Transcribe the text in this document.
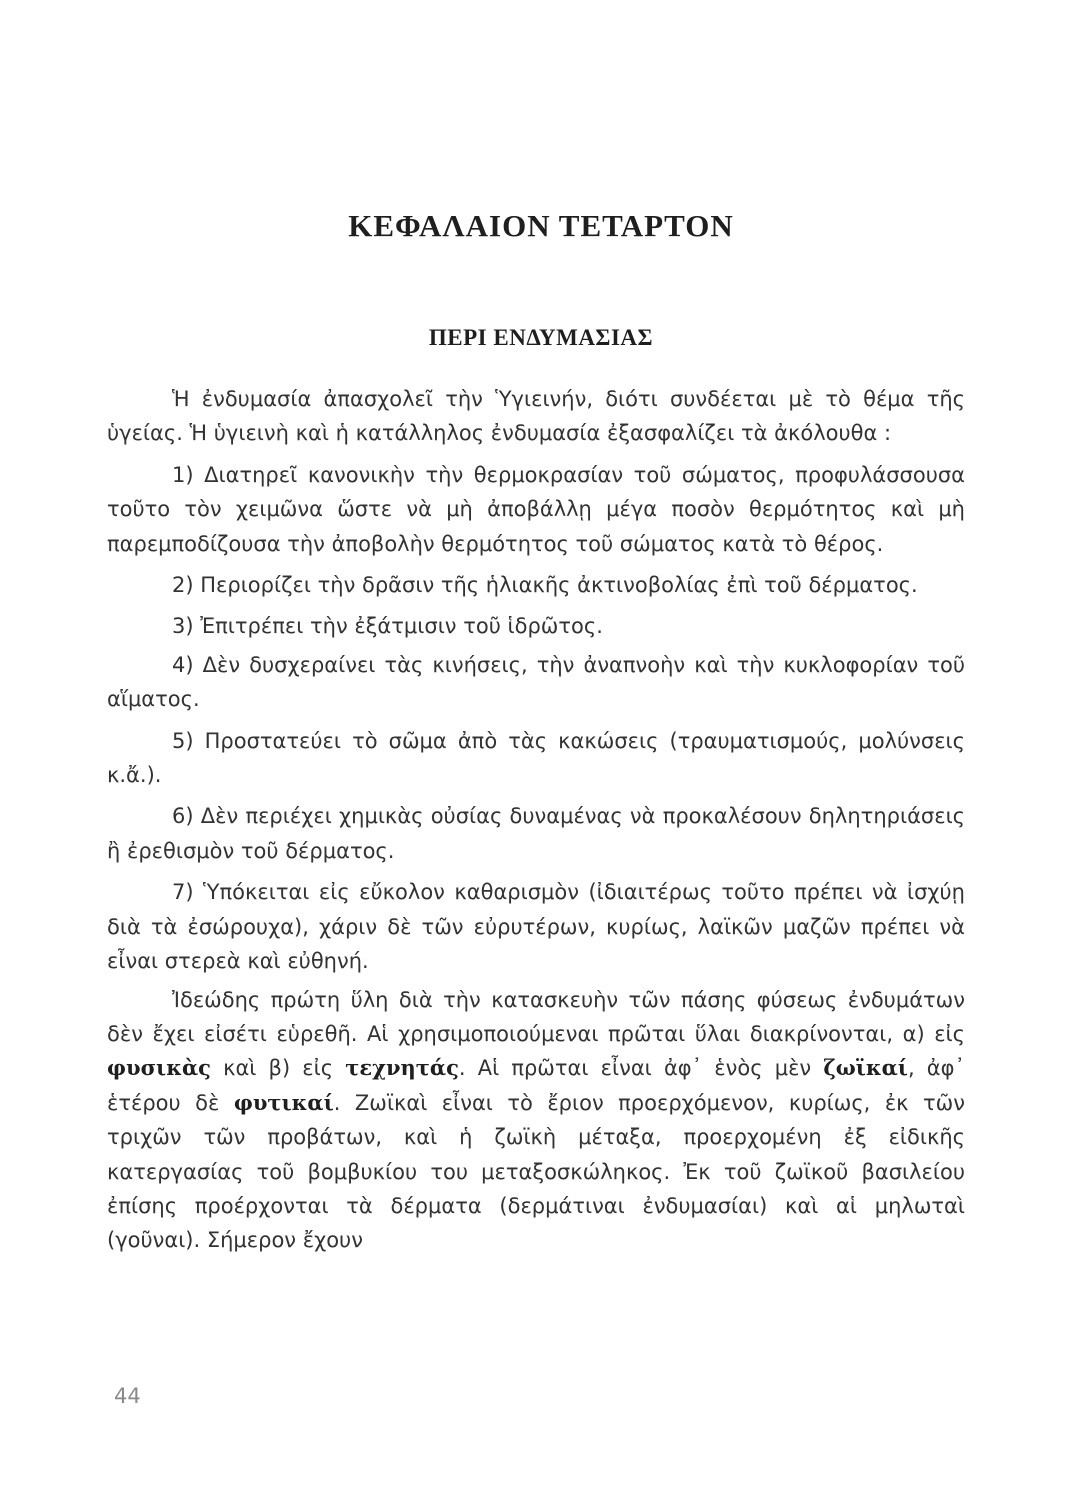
ΚΕΦΑΛΑΙΟΝ ΤΕΤΑΡΤΟΝ
ΠΕΡΙ ΕΝΔΥΜΑΣΙΑΣ

Ἡ ἐνδυμασία ἀπασχολεῖ τὴν Ὑγιεινήν, διότι συνδέεται μὲ τὸ θέμα τῆς ὑγείας. Ἡ ὑγιεινὴ καὶ ἡ κατάλληλος ἐνδυμασία ἐξασφαλίζει τὰ ἀκόλουθα :

1) Διατηρεῖ κανονικὴν τὴν θερμοκρασίαν τοῦ σώματος, προφυλάσσουσα τοῦτο τὸν χειμῶνα ὥστε νὰ μὴ ἀποβάλλῃ μέγα ποσὸν θερμότητος καὶ μὴ παρεμποδίζουσα τὴν ἀποβολὴν θερμότητος τοῦ σώματος κατὰ τὸ θέρος.

2) Περιορίζει τὴν δρᾶσιν τῆς ἡλιακῆς ἀκτινοβολίας ἐπὶ τοῦ δέρματος.

3) Ἐπιτρέπει τὴν ἐξάτμισιν τοῦ ἱδρῶτος.

4) Δὲν δυσχεραίνει τὰς κινήσεις, τὴν ἀναπνοὴν καὶ τὴν κυκλοφορίαν τοῦ αἵματος.

5) Προστατεύει τὸ σῶμα ἀπὸ τὰς κακώσεις (τραυματισμούς, μολύνσεις κ.ἄ.).

6) Δὲν περιέχει χημικὰς οὐσίας δυναμένας νὰ προκαλέσουν δηλητηριάσεις ἢ ἐρεθισμὸν τοῦ δέρματος.

7) Ὑπόκειται εἰς εὔκολον καθαρισμὸν (ἰδιαιτέρως τοῦτο πρέπει νὰ ἰσχύῃ διὰ τὰ ἐσώρουχα), χάριν δὲ τῶν εὐρυτέρων, κυρίως, λαϊκῶν μαζῶν πρέπει νὰ εἶναι στερεὰ καὶ εὐθηνή.

Ἰδεώδης πρώτη ὕλη διὰ τὴν κατασκευὴν τῶν πάσης φύσεως ἐνδυμάτων δὲν ἔχει εἰσέτι εὑρεθῆ. Αἱ χρησιμοποιούμεναι πρῶται ὕλαι διακρίνονται, α) εἰς φυσικὰς καὶ β) εἰς τεχνητάς. Αἱ πρῶται εἶναι ἀφ᾽ ἑνὸς μὲν ζωϊκαί, ἀφ᾽ ἑτέρου δὲ φυτικαί. Ζωϊκαὶ εἶναι τὸ ἔριον προερχόμενον, κυρίως, ἐκ τῶν τριχῶν τῶν προβάτων, καὶ ἡ ζωϊκὴ μέταξα, προερχομένη ἐξ εἰδικῆς κατεργασίας τοῦ βομβυκίου του μεταξοσκώληκος. Ἐκ τοῦ ζωϊκοῦ βασιλείου ἐπίσης προέρχονται τὰ δέρματα (δερμάτιναι ἐνδυμασίαι) καὶ αἱ μηλωταὶ (γοῦναι). Σήμερον ἔχουν

44
